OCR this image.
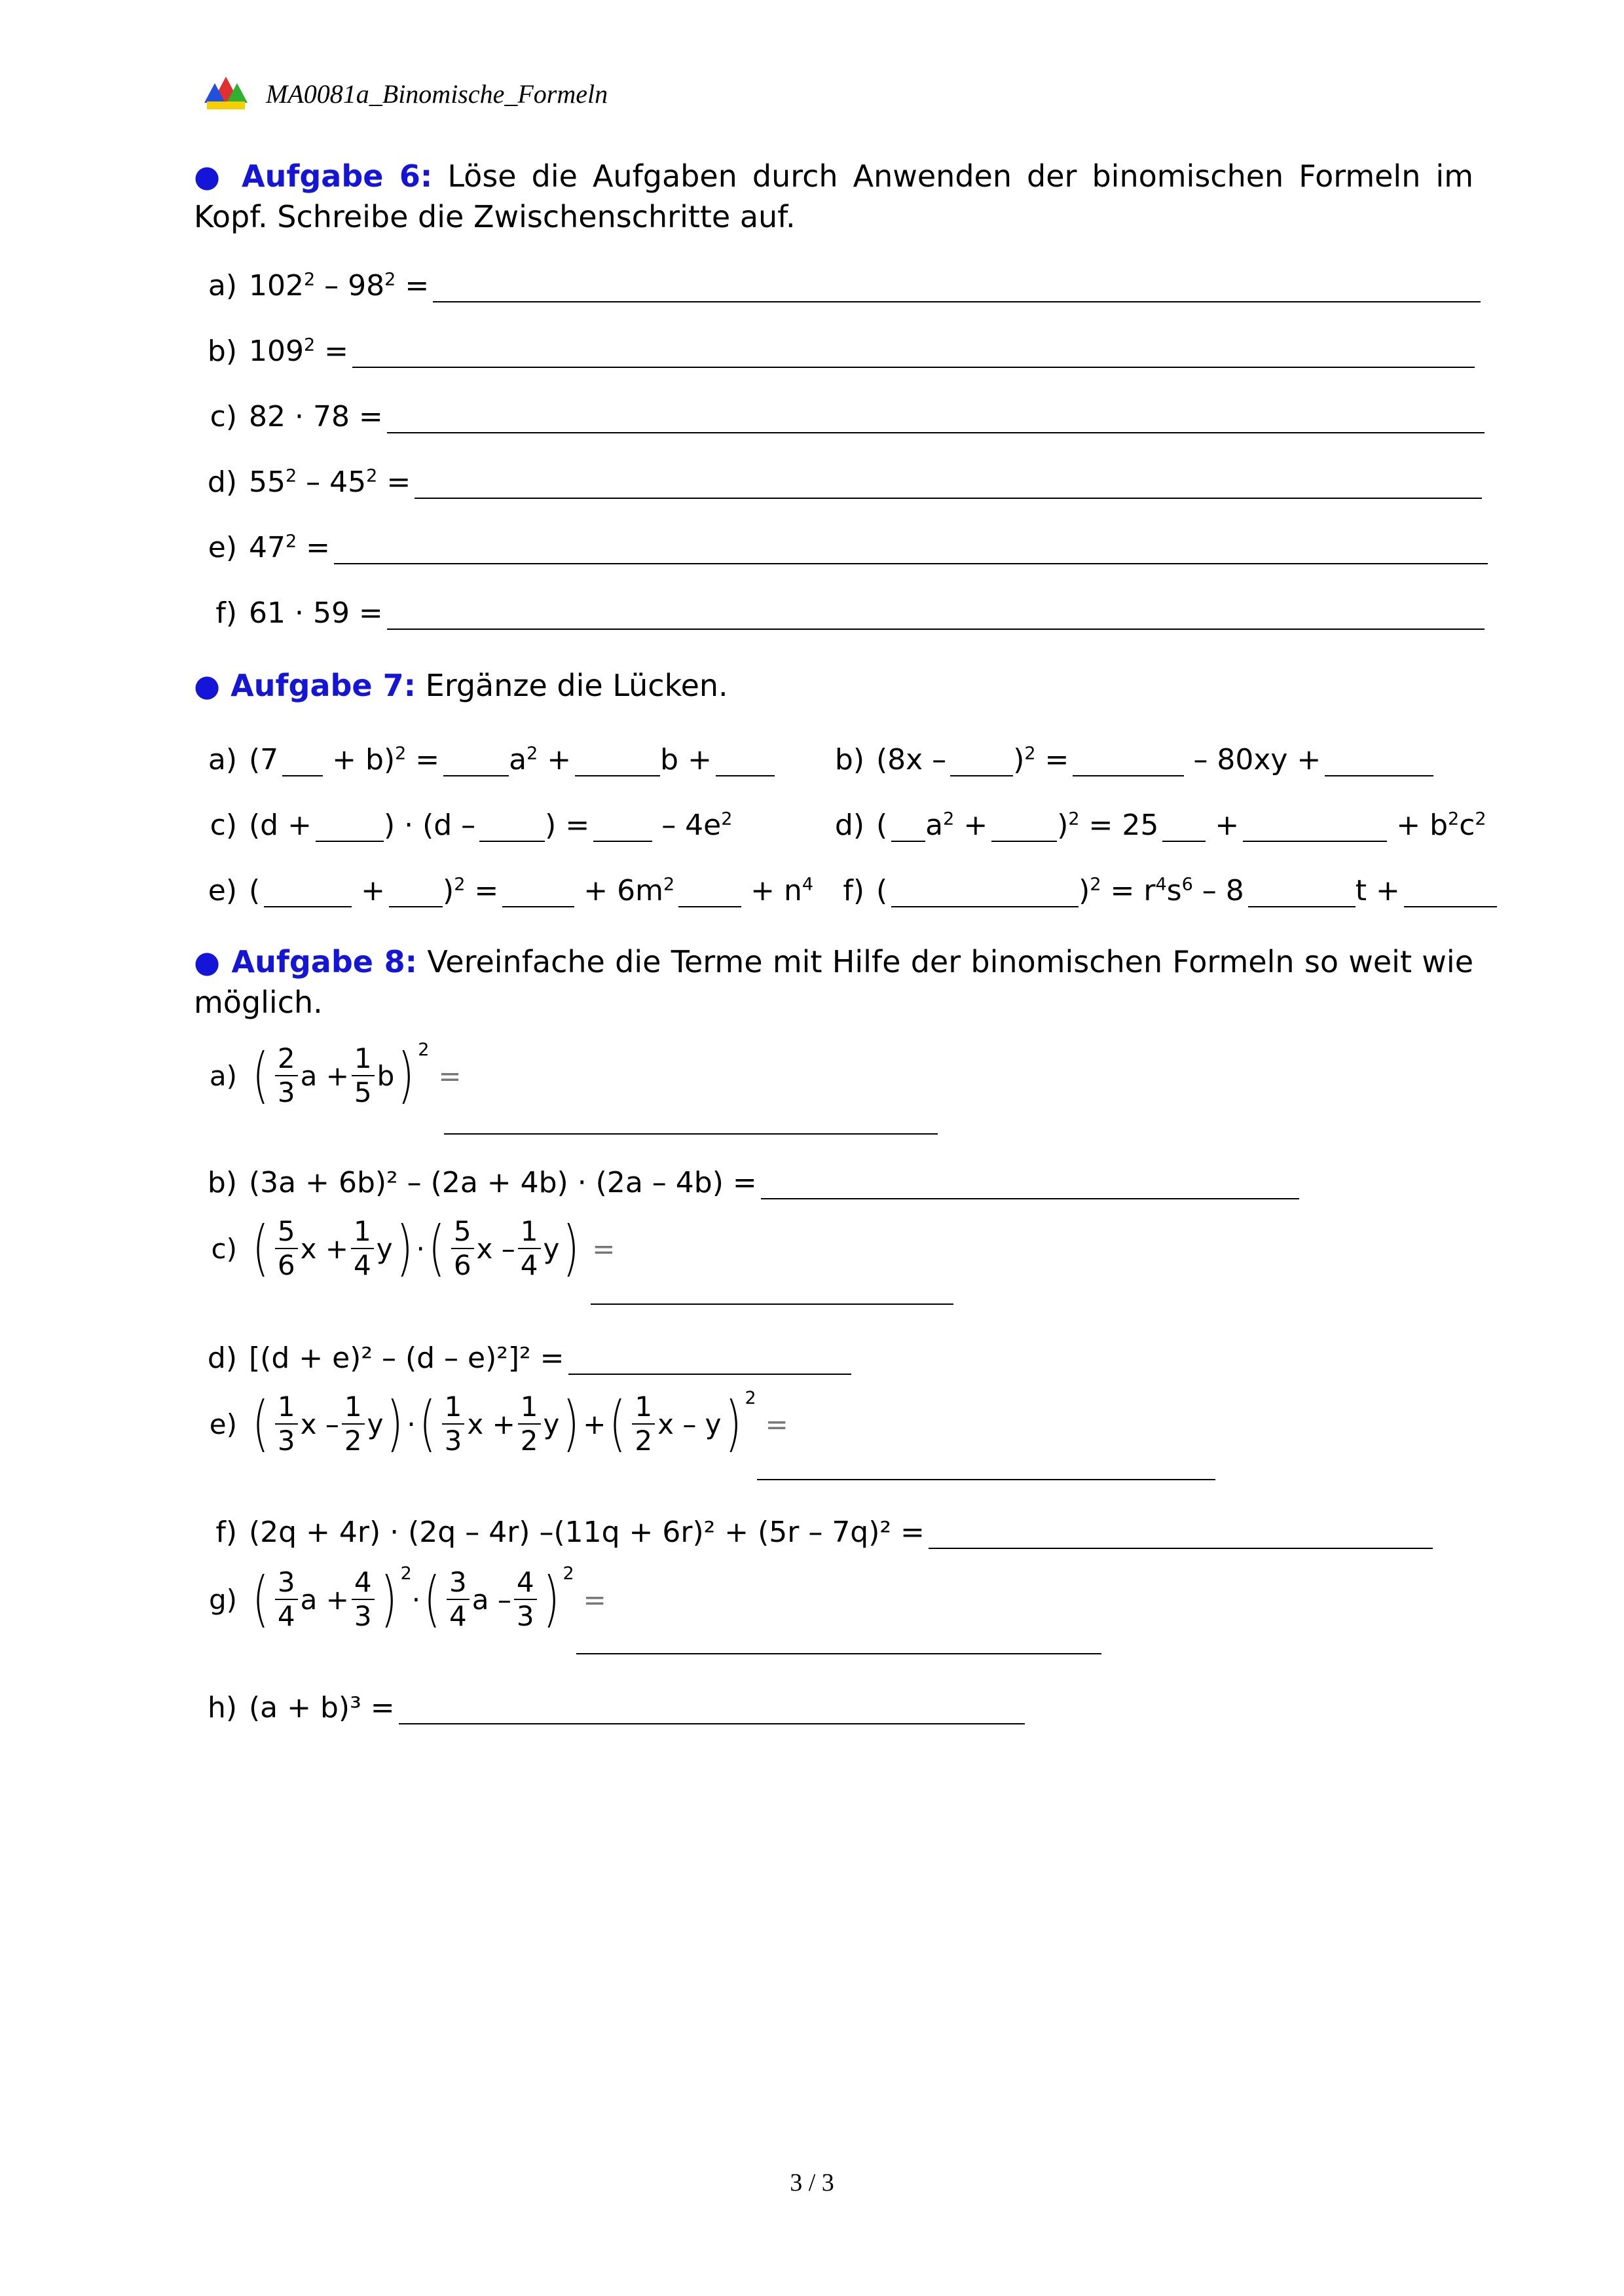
MA0081a_Binomische_Formeln
● Aufgabe 6: Löse die Aufgaben durch Anwenden der binomischen Formeln im Kopf. Schreibe die Zwischenschritte auf.
a) $102^2 - 98^2$ =
b) $109^2$ =
c) 82 · 78 =
d) $55^2 - 45^2$ =
e) $47^2$ =
f) 61 · 59 =
● Aufgabe 7: Ergänze die Lücken.
a) $(7 + b)^2 = a^2$ +	b +	b) (8x – )$^2$ =	– 80xy +
c) (d +	) · (d – ) = – $4e^2$	d) ( $a^2 + )^2 = 25$ +	+ $b^2c^2$
e) (	+ )$^2$ =	+ $6m^2 + n^4$	f) (	)$^2 = r^4s^6 - 8$	t +
● Aufgabe 8: Vereinfache die Terme mit Hilfe der binomischen Formeln so weit wie möglich.
a) ( $\frac{2}{3}$ $a + \frac{1}{5}$ b ) 2
=
b) (3a + 6b)² – (2a + 4b) · (2a – 4b) =
c) ( $\frac{5}{6}$ $x + \frac{1}{4}$ y ) · ( $\frac{5}{6}$ x – $\frac{1}{4}$ y ) =
d) [(d + e)² – (d – e)²]² =
e) ( $\frac{1}{3}$ x – $\frac{1}{2}$ y ) · ( $\frac{1}{3}$ $x + \frac{1}{2}$ y ) + ( $\frac{1}{2}$ x – y ) 2
=
f) (2q + 4r) · (2q – 4r) –(11q + 6r)² + (5r – 7q)² =
g) ( $\frac{3}{4}$ $a + \frac{4}{3}$ ) 2
· ( $\frac{3}{4}$ a – $\frac{4}{3}$ ) 2
=
h) (a + b)³ =
3 / 3
